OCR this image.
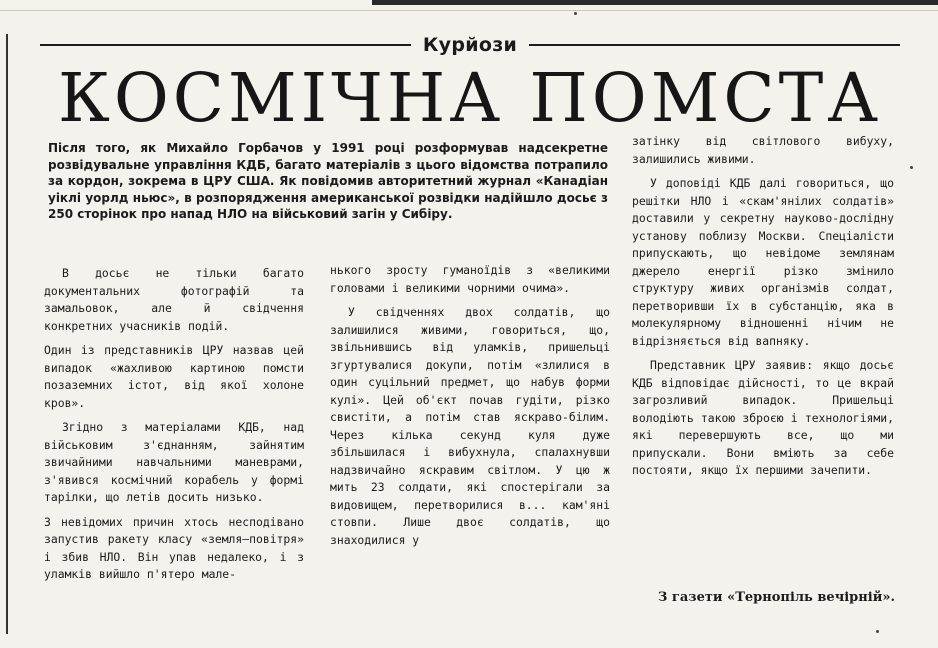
Курйози
КОСМІЧНА ПОМСТА
Після того, як Михайло Горбачов у 1991 році розформував надсекретне розвідувальне управління КДБ, багато матеріалів з цього відомства потрапило за кордон, зокрема в ЦРУ США. Як повідомив авторитетний журнал «Канадіан уіклі уорлд ньюс», в розпорядження американської розвідки надійшло досьє з 250 сторінок про напад НЛО на військовий загін у Сибіру.

В досьє не тільки багато документальних фотографій та замальовок, але й свідчення конкретних учасників подій.

Один із представників ЦРУ назвав цей випадок «жахливою картиною помсти позаземних істот, від якої холоне кров».

Згідно з матеріалами КДБ, над військовим з'єднанням, зайнятим звичайними навчальними маневрами, з'явився космічний корабель у формі тарілки, що летів досить низько.

З невідомих причин хтось несподівано запустив ракету класу «земля—повітря» і збив НЛО. Він упав недалеко, і з уламків вийшло п'ятеро мале-

нького зросту гуманоїдів з «великими головами і великими чорними очима».

У свідченнях двох солдатів, що залишилися живими, говориться, що, звільнившись від уламків, пришельці згуртувалися докупи, потім «злилися в один суцільний предмет, що набув форми кулі». Цей об'єкт почав гудіти, різко свистіти, а потім став яскраво-білим. Через кілька секунд куля дуже збільшилася і вибухнула, спалахнувши надзвичайно яскравим світлом. У цю ж мить 23 солдати, які спостерігали за видовищем, перетворилися в... кам'яні стовпи. Лише двоє солдатів, що знаходилися у

затінку від світлового вибуху, залишились живими.

У доповіді КДБ далі говориться, що решітки НЛО і «скам'янілих солдатів» доставили у секретну науково-дослідну установу поблизу Москви. Спеціалісти припускають, що невідоме землянам джерело енергії різко змінило структуру живих організмів солдат, перетворивши їх в субстанцію, яка в молекулярному відношенні нічим не відрізняється від вапняку.

Представник ЦРУ заявив: якщо досьє КДБ відповідає дійсності, то це вкрай загрозливий випадок. Пришельці володіють такою зброєю і технологіями, які перевершують все, що ми припускали. Вони вміють за себе постояти, якщо їх першими зачепити.

З газети «Тернопіль вечірній».
